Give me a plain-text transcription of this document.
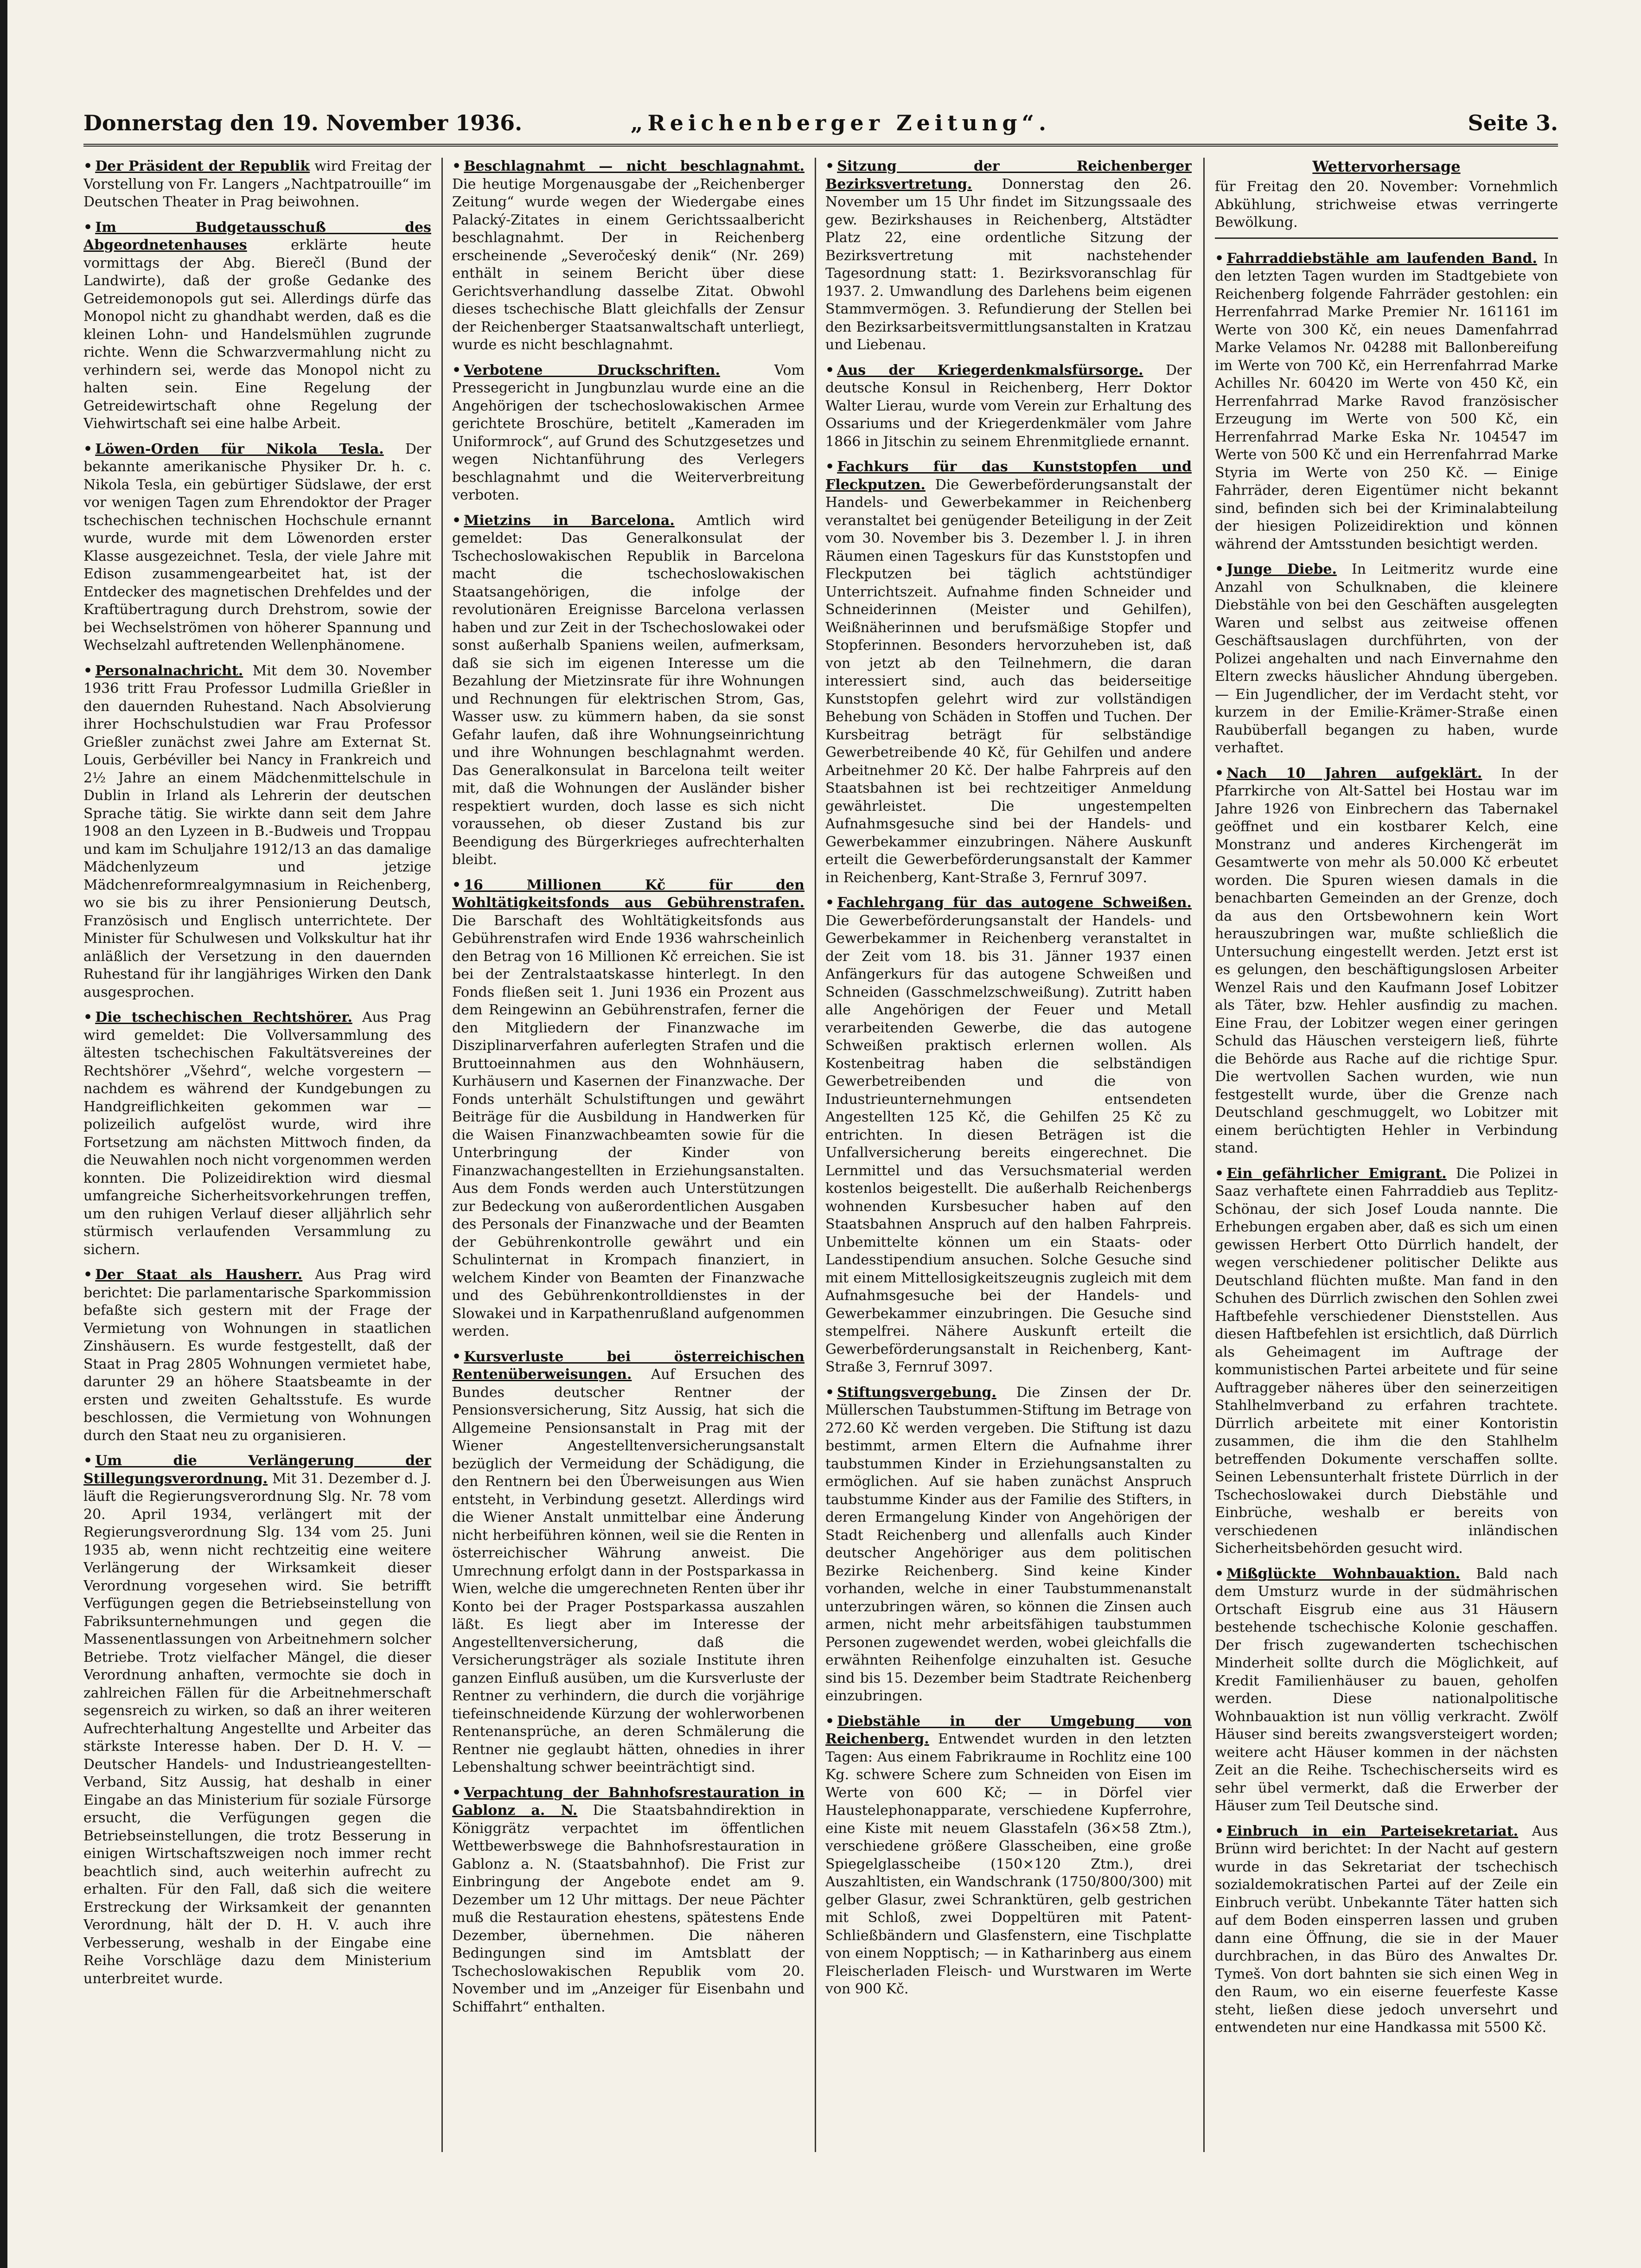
Donnerstag den 19. November 1936.	„Reichenberger Zeitung“.	Seite 3.

• Der Präsident der Republik wird Freitag der Vorstellung von Fr. Langers „Nachtpatrouille“ im Deutschen Theater in Prag beiwohnen.

• Im Budgetausschuß des Abgeordnetenhauses	erklärte heute vormittags der Abg. Bierečl (Bund der Landwirte), daß der große Gedanke des Getreidemonopols gut sei. Allerdings dürfe das Monopol nicht zu ghandhabt werden, daß es die kleinen Lohn- und Handelsmühlen zugrunde richte. Wenn die Schwarzvermahlung nicht zu verhindern sei, werde das Monopol nicht zu halten sein. Eine Regelung der Getreidewirtschaft ohne Regelung der Viehwirtschaft sei eine halbe Arbeit.

• Löwen-Orden für Nikola Tesla. Der bekannte amerikanische Physiker Dr. h. c. Nikola Tesla, ein gebürtiger Südslawe, der erst vor wenigen Tagen zum Ehrendoktor der Prager tschechischen technischen Hochschule ernannt wurde, wurde mit dem Löwenorden erster Klasse ausgezeichnet. Tesla, der viele Jahre mit Edison zusammengearbeitet hat, ist der Entdecker des magnetischen Drehfeldes und der Kraftübertragung durch Drehstrom, sowie der bei Wechselströmen von höherer Spannung und Wechselzahl auftretenden Wellenphänomene.

• Personalnachricht. Mit dem 30. November 1936 tritt Frau Professor Ludmilla Grießler in den dauernden Ruhestand. Nach Absolvierung ihrer Hochschulstudien war Frau Professor Grießler zunächst zwei Jahre am Externat St. Louis, Gerbéviller bei Nancy in Frankreich und 2½ Jahre an einem Mädchenmittelschule in Dublin in Irland als Lehrerin der deutschen Sprache tätig. Sie wirkte dann seit dem Jahre 1908 an den Lyzeen in B.-Budweis und Troppau und kam im Schuljahre 1912/13 an das damalige Mädchenlyzeum und jetzige Mädchenreformrealgymnasium in Reichenberg, wo sie bis zu ihrer Pensionierung Deutsch, Französisch und Englisch unterrichtete. Der Minister für Schulwesen und Volkskultur hat ihr anläßlich der Versetzung in den dauernden Ruhestand für ihr langjähriges Wirken den Dank ausgesprochen.

• Die tschechischen Rechtshörer. Aus Prag wird gemeldet: Die Vollversammlung des ältesten tschechischen Fakultätsvereines der Rechtshörer „Všehrd“, welche vorgestern — nachdem es während der Kundgebungen zu Handgreiflichkeiten gekommen war — polizeilich aufgelöst wurde, wird ihre Fortsetzung am nächsten Mittwoch finden, da die Neuwahlen noch nicht vorgenommen werden konnten. Die Polizeidirektion wird diesmal umfangreiche Sicherheitsvorkehrungen treffen, um den ruhigen Verlauf dieser alljährlich sehr stürmisch verlaufenden Versammlung zu sichern.

• Der Staat als Hausherr. Aus Prag wird berichtet: Die parlamentarische Sparkommission befaßte sich gestern mit der Frage der Vermietung von Wohnungen in staatlichen Zinshäusern. Es wurde festgestellt, daß der Staat in Prag 2805 Wohnungen vermietet habe, darunter 29 an höhere Staatsbeamte in der ersten und zweiten Gehaltsstufe. Es wurde beschlossen, die Vermietung von Wohnungen durch den Staat neu zu organisieren.

• Um die Verlängerung der Stillegungsverordnung. Mit 31. Dezember d. J. läuft die Regierungsverordnung Slg. Nr. 78 vom 20. April 1934, verlängert mit der Regierungsverordnung Slg. 134 vom 25. Juni 1935 ab, wenn nicht rechtzeitig eine weitere Verlängerung der Wirksamkeit dieser Verordnung vorgesehen wird. Sie betrifft Verfügungen gegen die Betriebseinstellung von Fabriksunternehmungen und gegen die Massenentlassungen von Arbeitnehmern solcher Betriebe. Trotz vielfacher Mängel, die dieser Verordnung anhaften, vermochte sie doch in zahlreichen Fällen für die Arbeitnehmerschaft segensreich zu wirken, so daß an ihrer weiteren Aufrechterhaltung Angestellte und Arbeiter das stärkste Interesse haben. Der D. H. V. — Deutscher Handels- und Industrieangestellten-Verband, Sitz Aussig, hat deshalb in einer Eingabe an das Ministerium für soziale Fürsorge ersucht, die Verfügungen gegen die Betriebseinstellungen, die trotz Besserung in einigen Wirtschaftszweigen noch immer recht beachtlich sind, auch weiterhin aufrecht zu erhalten. Für den Fall, daß sich die weitere Erstreckung der Wirksamkeit der genannten Verordnung, hält der D. H. V. auch ihre Verbesserung, weshalb in der Eingabe eine Reihe Vorschläge dazu dem Ministerium unterbreitet wurde.

• Beschlagnahmt — nicht beschlagnahmt. Die heutige Morgenausgabe der „Reichenberger Zeitung“ wurde wegen der Wiedergabe eines Palacký-Zitates in einem Gerichtssaalbericht beschlagnahmt. Der in Reichenberg erscheinende „Severočeský denik“ (Nr. 269) enthält in seinem Bericht über diese Gerichtsverhandlung dasselbe Zitat. Obwohl dieses tschechische Blatt gleichfalls der Zensur der Reichenberger Staatsanwaltschaft unterliegt, wurde es nicht beschlagnahmt.

• Verbotene Druckschriften.	Vom Pressegericht in Jungbunzlau wurde eine an die Angehörigen der tschechoslowakischen Armee gerichtete Broschüre, betitelt „Kameraden im Uniformrock“, auf Grund des Schutzgesetzes und wegen Nichtanführung des Verlegers beschlagnahmt und die Weiterverbreitung verboten.

• Mietzins in Barcelona. Amtlich wird gemeldet: Das Generalkonsulat der Tschechoslowakischen Republik in Barcelona macht die tschechoslowakischen Staatsangehörigen, die infolge der revolutionären Ereignisse Barcelona verlassen haben und zur Zeit in der Tschechoslowakei oder sonst außerhalb Spaniens weilen, aufmerksam, daß sie sich im eigenen Interesse um die Bezahlung der Mietzinsrate für ihre Wohnungen und Rechnungen für elektrischen Strom, Gas, Wasser usw. zu kümmern haben, da sie sonst Gefahr laufen, daß ihre Wohnungseinrichtung und ihre Wohnungen beschlagnahmt werden. Das Generalkonsulat in Barcelona teilt weiter mit, daß die Wohnungen der Ausländer bisher respektiert wurden, doch lasse es sich nicht voraussehen, ob dieser Zustand bis zur Beendigung des Bürgerkrieges aufrechterhalten bleibt.

• 16 Millionen Kč für den Wohltätigkeitsfonds aus Gebührenstrafen. Die Barschaft des Wohltätigkeitsfonds aus Gebührenstrafen wird Ende 1936 wahrscheinlich den Betrag von 16 Millionen Kč erreichen. Sie ist bei der Zentralstaatskasse hinterlegt. In den Fonds fließen seit 1. Juni 1936 ein Prozent aus dem Reingewinn an Gebührenstrafen, ferner die den Mitgliedern der Finanzwache im Disziplinarverfahren auferlegten Strafen und die Bruttoeinnahmen aus den Wohnhäusern, Kurhäusern und Kasernen der Finanzwache. Der Fonds unterhält Schulstiftungen und gewährt Beiträge für die Ausbildung in Handwerken für die Waisen Finanzwachbeamten sowie für die Unterbringung der Kinder von Finanzwachangestellten in Erziehungsanstalten. Aus dem Fonds werden auch Unterstützungen zur Bedeckung von außerordentlichen Ausgaben des Personals der Finanzwache und der Beamten der Gebührenkontrolle gewährt und ein Schulinternat in Krompach finanziert, in welchem Kinder von Beamten der Finanzwache und des Gebührenkontrolldienstes in der Slowakei und in Karpathenrußland aufgenommen werden.

• Kursverluste bei österreichischen Rentenüberweisungen. Auf Ersuchen des Bundes deutscher Rentner der Pensionsversicherung, Sitz Aussig, hat sich die Allgemeine Pensionsanstalt in Prag mit der Wiener Angestelltenversicherungsanstalt bezüglich der Vermeidung der Schädigung, die den Rentnern bei den Überweisungen aus Wien entsteht, in Verbindung gesetzt. Allerdings wird die Wiener Anstalt unmittelbar eine Änderung nicht herbeiführen können, weil sie die Renten in österreichischer Währung anweist. Die Umrechnung erfolgt dann in der Postsparkassa in Wien, welche die umgerechneten Renten über ihr Konto bei der Prager Postsparkassa auszahlen läßt. Es liegt aber im Interesse der Angestelltenversicherung, daß die Versicherungsträger als soziale Institute ihren ganzen Einfluß ausüben, um die Kursverluste der Rentner zu verhindern, die durch die vorjährige tiefeinschneidende Kürzung der wohlerworbenen Rentenansprüche, an deren Schmälerung die Rentner nie geglaubt hätten, ohnedies in ihrer Lebenshaltung schwer beeinträchtigt sind.

• Verpachtung der Bahnhofsrestauration in Gablonz a. N. Die Staatsbahndirektion in Königgrätz verpachtet im öffentlichen Wettbewerbswege die Bahnhofsrestauration in Gablonz a. N. (Staatsbahnhof). Die Frist zur Einbringung der Angebote endet am 9. Dezember um 12 Uhr mittags. Der neue Pächter muß die Restauration ehestens, spätestens Ende Dezember, übernehmen. Die näheren Bedingungen sind im Amtsblatt der Tschechoslowakischen Republik vom 20. November und im „Anzeiger für Eisenbahn und Schiffahrt“ enthalten.

• Sitzung der Reichenberger Bezirksvertretung. Donnerstag den 26. November um 15 Uhr findet im Sitzungssaale des gew. Bezirkshauses in Reichenberg, Altstädter Platz 22, eine ordentliche Sitzung der Bezirksvertretung mit nachstehender Tagesordnung statt: 1. Bezirksvoranschlag für 1937. 2. Umwandlung des Darlehens beim eigenen Stammvermögen. 3. Refundierung der Stellen bei den Bezirksarbeitsvermittlungsanstalten in Kratzau und Liebenau.

• Aus der Kriegerdenkmalsfürsorge. Der deutsche Konsul in Reichenberg, Herr Doktor Walter Lierau, wurde vom Verein zur Erhaltung des Ossariums und der Kriegerdenkmäler vom Jahre 1866 in Jitschin zu seinem Ehrenmitgliede ernannt.

• Fachkurs für das Kunststopfen und Fleckputzen. Die Gewerbeförderungsanstalt der Handels- und Gewerbekammer in Reichenberg veranstaltet bei genügender Beteiligung in der Zeit vom 30. November bis 3. Dezember l. J. in ihren Räumen einen Tageskurs für das Kunststopfen und Fleckputzen bei täglich achtstündiger Unterrichtszeit. Aufnahme finden Schneider und Schneiderinnen (Meister und Gehilfen), Weißnäherinnen und berufsmäßige Stopfer und Stopferinnen. Besonders hervorzuheben ist, daß von jetzt ab den Teilnehmern, die daran interessiert sind, auch das beiderseitige Kunststopfen gelehrt wird zur vollständigen Behebung von Schäden in Stoffen und Tuchen. Der Kursbeitrag beträgt für selbständige Gewerbetreibende 40 Kč, für Gehilfen und andere Arbeitnehmer 20 Kč. Der halbe Fahrpreis auf den Staatsbahnen ist bei rechtzeitiger Anmeldung gewährleistet. Die ungestempelten Aufnahmsgesuche sind bei der Handels- und Gewerbekammer einzubringen. Nähere Auskunft erteilt die Gewerbeförderungsanstalt der Kammer in Reichenberg, Kant-Straße 3, Fernruf 3097.

• Fachlehrgang für das autogene Schweißen. Die Gewerbeförderungsanstalt der Handels- und Gewerbekammer in Reichenberg veranstaltet in der Zeit vom 18. bis 31. Jänner 1937 einen Anfängerkurs für das autogene Schweißen und Schneiden (Gasschmelzschweißung). Zutritt haben alle Angehörigen der Feuer und Metall verarbeitenden Gewerbe, die das autogene Schweißen praktisch erlernen wollen. Als Kostenbeitrag haben die selbständigen Gewerbetreibenden und die von Industrieunternehmungen entsendeten Angestellten 125 Kč, die Gehilfen 25 Kč zu entrichten. In diesen Beträgen ist die Unfallversicherung bereits eingerechnet. Die Lernmittel und das Versuchsmaterial werden kostenlos beigestellt. Die außerhalb Reichenbergs wohnenden Kursbesucher haben auf den Staatsbahnen Anspruch auf den halben Fahrpreis. Unbemittelte können um ein Staats- oder Landesstipendium ansuchen. Solche Gesuche sind mit einem Mittellosigkeitszeugnis zugleich mit dem Aufnahmsgesuche bei der Handels- und Gewerbekammer einzubringen. Die Gesuche sind stempelfrei. Nähere Auskunft erteilt die Gewerbeförderungsanstalt in Reichenberg, Kant-Straße 3, Fernruf 3097.

• Stiftungsvergebung. Die Zinsen der Dr. Müllerschen Taubstummen-Stiftung im Betrage von 272.60 Kč werden vergeben. Die Stiftung ist dazu bestimmt, armen Eltern die Aufnahme ihrer taubstummen Kinder in Erziehungsanstalten zu ermöglichen. Auf sie haben zunächst Anspruch taubstumme Kinder aus der Familie des Stifters, in deren Ermangelung Kinder von Angehörigen der Stadt Reichenberg und allenfalls auch Kinder deutscher Angehöriger aus dem politischen Bezirke Reichenberg. Sind keine Kinder vorhanden, welche in einer Taubstummenanstalt unterzubringen wären, so können die Zinsen auch armen, nicht mehr arbeitsfähigen taubstummen Personen zugewendet werden, wobei gleichfalls die erwähnten Reihenfolge einzuhalten ist. Gesuche sind bis 15. Dezember beim Stadtrate Reichenberg einzubringen.

• Diebstähle in der Umgebung von Reichenberg. Entwendet wurden in den letzten Tagen: Aus einem Fabrikraume in Rochlitz eine 100 Kg. schwere Schere zum Schneiden von Eisen im Werte von 600 Kč; — in Dörfel vier Haustelephonapparate, verschiedene Kupferrohre, eine Kiste mit neuem Glasstafeln (36×58 Ztm.), verschiedene größere Glasscheiben, eine große Spiegelglasscheibe (150×120 Ztm.), drei Auszahltisten, ein Wandschrank (1750/800/300) mit gelber Glasur, zwei Schranktüren, gelb gestrichen mit Schloß, zwei Doppeltüren mit Patent-Schließbändern und Glasfenstern, eine Tischplatte von einem Nopptisch; — in Katharinberg aus einem Fleischerladen Fleisch- und Wurstwaren im Werte von 900 Kč.

Wettervorhersage
für Freitag den 20. November: Vornehmlich Abkühlung, strichweise etwas verringerte Bewölkung.

• Fahrraddiebstähle am laufenden Band. In den letzten Tagen wurden im Stadtgebiete von Reichenberg folgende Fahrräder gestohlen: ein Herrenfahrrad Marke Premier Nr. 161161 im Werte von 300 Kč, ein neues Damenfahrrad Marke Velamos Nr. 04288 mit Ballonbereifung im Werte von 700 Kč, ein Herrenfahrrad Marke Achilles Nr. 60420 im Werte von 450 Kč, ein Herrenfahrrad Marke Ravod französischer Erzeugung im Werte von 500 Kč, ein Herrenfahrrad Marke Eska Nr. 104547 im Werte von 500 Kč und ein Herrenfahrrad Marke Styria im Werte von 250 Kč. — Einige Fahrräder, deren Eigentümer nicht bekannt sind, befinden sich bei der Kriminalabteilung der hiesigen Polizeidirektion und können während der Amtsstunden besichtigt werden.

• Junge Diebe. In Leitmeritz wurde eine Anzahl von Schulknaben, die kleinere Diebstähle von bei den Geschäften ausgelegten Waren und selbst aus zeitweise offenen Geschäftsauslagen durchführten, von der Polizei angehalten und nach Einvernahme den Eltern zwecks häuslicher Ahndung übergeben. — Ein Jugendlicher, der im Verdacht steht, vor kurzem in der Emilie-Krämer-Straße einen Raubüberfall begangen zu haben, wurde verhaftet.

• Nach 10 Jahren aufgeklärt. In der Pfarrkirche von Alt-Sattel bei Hostau war im Jahre 1926 von Einbrechern das Tabernakel geöffnet und ein kostbarer Kelch, eine Monstranz und anderes Kirchengerät im Gesamtwerte von mehr als 50.000 Kč erbeutet worden. Die Spuren wiesen damals in die benachbarten Gemeinden an der Grenze, doch da aus den Ortsbewohnern kein Wort herauszubringen war, mußte schließlich die Untersuchung eingestellt werden. Jetzt erst ist es gelungen, den beschäftigungslosen Arbeiter Wenzel Rais und den Kaufmann Josef Lobitzer als Täter, bzw. Hehler ausfindig zu machen. Eine Frau, der Lobitzer wegen einer geringen Schuld das Häuschen versteigern ließ, führte die Behörde aus Rache auf die richtige Spur. Die wertvollen Sachen wurden, wie nun festgestellt wurde, über die Grenze nach Deutschland geschmuggelt, wo Lobitzer mit einem berüchtigten Hehler in Verbindung stand.

• Ein gefährlicher Emigrant. Die Polizei in Saaz verhaftete einen Fahrraddieb aus Teplitz-Schönau, der sich Josef Louda nannte. Die Erhebungen ergaben aber, daß es sich um einen gewissen Herbert Otto Dürrlich handelt, der wegen verschiedener politischer Delikte aus Deutschland flüchten mußte. Man fand in den Schuhen des Dürrlich zwischen den Sohlen zwei Haftbefehle verschiedener Dienststellen. Aus diesen Haftbefehlen ist ersichtlich, daß Dürrlich als Geheimagent im Auftrage der kommunistischen Partei arbeitete und für seine Auftraggeber näheres über den seinerzeitigen Stahlhelmverband zu erfahren trachtete. Dürrlich arbeitete mit einer Kontoristin zusammen, die ihm die den Stahlhelm betreffenden Dokumente verschaffen sollte. Seinen Lebensunterhalt fristete Dürrlich in der Tschechoslowakei durch Diebstähle und Einbrüche, weshalb er bereits von verschiedenen inländischen Sicherheitsbehörden gesucht wird.

• Mißglückte Wohnbauaktion. Bald nach dem Umsturz wurde in der südmährischen Ortschaft Eisgrub eine aus 31 Häusern bestehende tschechische Kolonie geschaffen. Der frisch zugewanderten tschechischen Minderheit sollte durch die Möglichkeit, auf Kredit Familienhäuser zu bauen, geholfen werden. Diese nationalpolitische Wohnbauaktion ist nun völlig verkracht. Zwölf Häuser sind bereits zwangsversteigert worden; weitere acht Häuser kommen in der nächsten Zeit an die Reihe. Tschechischerseits wird es sehr übel vermerkt, daß die Erwerber der Häuser zum Teil Deutsche sind.

• Einbruch in ein Parteisekretariat. Aus Brünn wird berichtet: In der Nacht auf gestern wurde in das Sekretariat der tschechisch sozialdemokratischen Partei auf der Zeile ein Einbruch verübt. Unbekannte Täter hatten sich auf dem Boden einsperren lassen und gruben dann eine Öffnung, die sie in der Mauer durchbrachen, in das Büro des Anwaltes Dr. Tymeš. Von dort bahnten sie sich einen Weg in den Raum, wo ein eiserne feuerfeste Kasse steht, ließen diese jedoch unversehrt und entwendeten nur eine Handkassa mit 5500 Kč.
